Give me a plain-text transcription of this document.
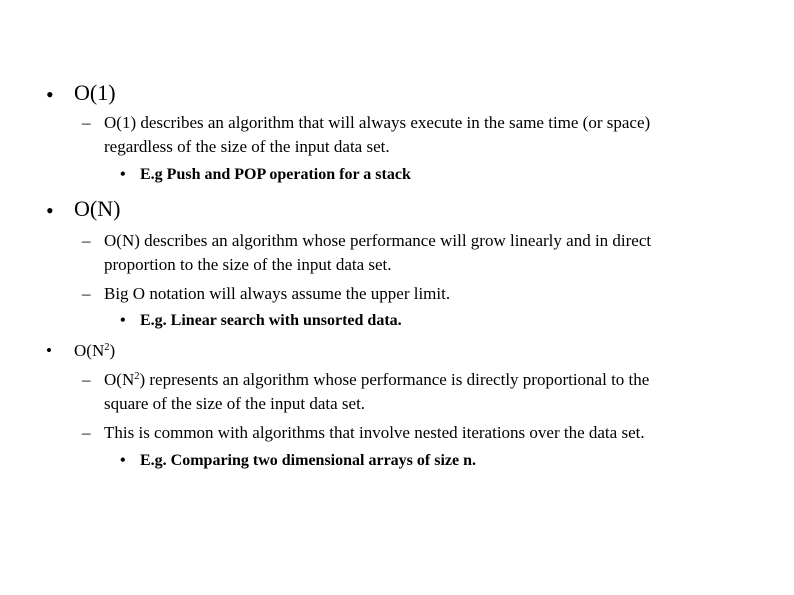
• O(1)
– O(1) describes an algorithm that will always execute in the same time (or space)
regardless of the size of the input data set.
• E.g Push and POP operation for a stack
• O(N)
– O(N) describes an algorithm whose performance will grow linearly and in direct
proportion to the size of the input data set.
– Big O notation will always assume the upper limit.
• E.g. Linear search with unsorted data.
• $O(N^2)$
– $O(N^2)$ represents an algorithm whose performance is directly proportional to the
square of the size of the input data set.
– This is common with algorithms that involve nested iterations over the data set.
• E.g. Comparing two dimensional arrays of size n.
